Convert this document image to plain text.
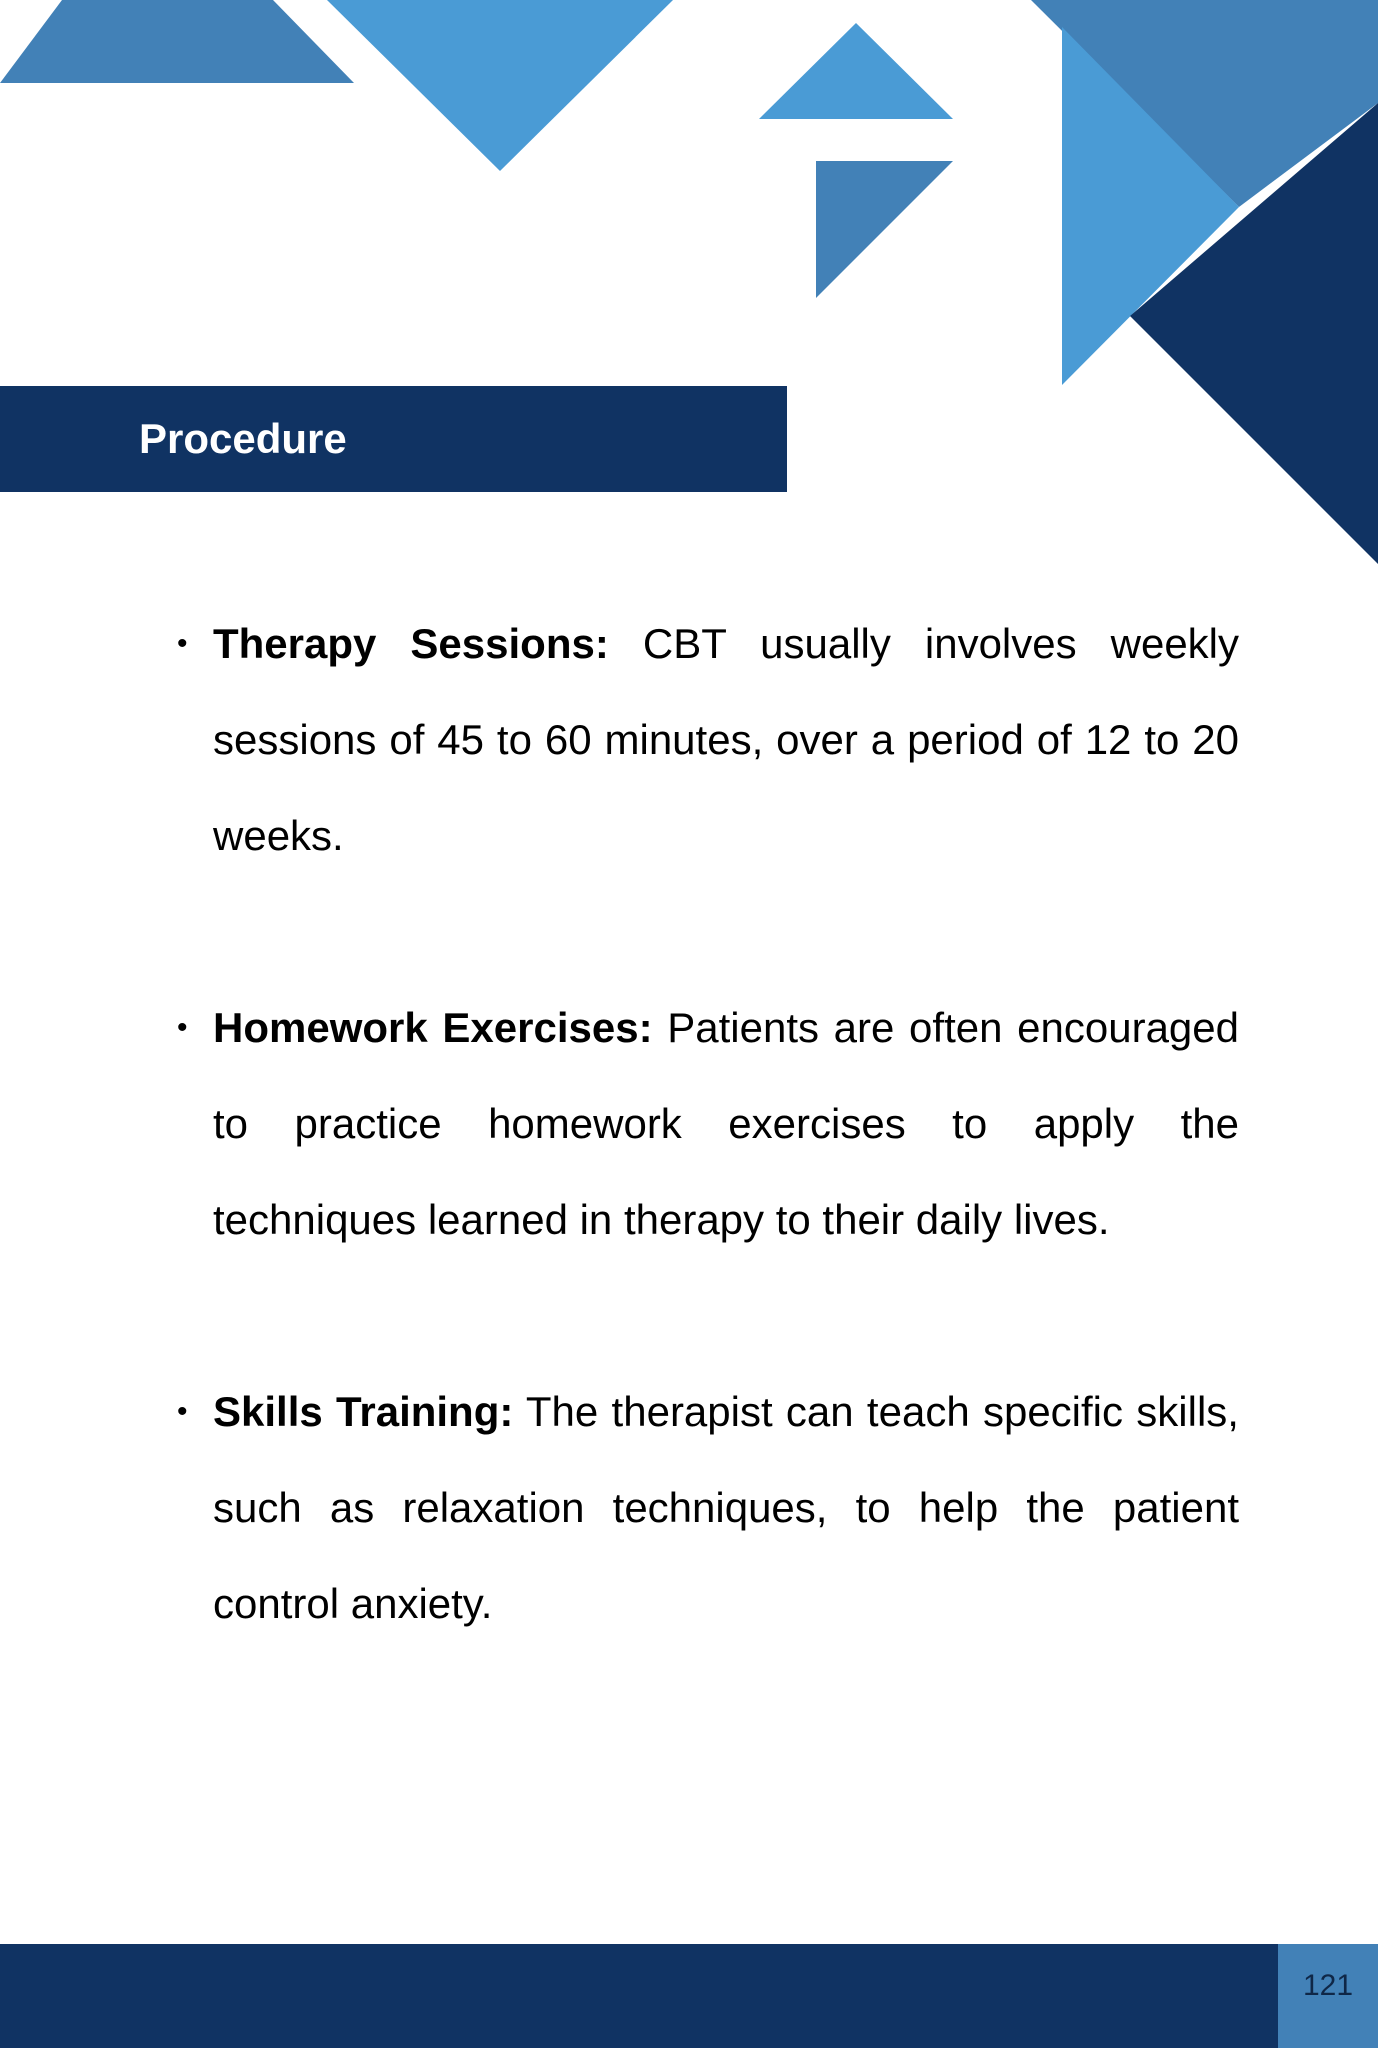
Procedure
• Therapy Sessions: CBT usually involves weekly sessions of 45 to 60 minutes, over a period of 12 to 20 weeks.
• Homework Exercises: Patients are often encouraged to practice homework exercises to apply the techniques learned in therapy to their daily lives.
• Skills Training: The therapist can teach specific skills, such as relaxation techniques, to help the patient control anxiety.
121
